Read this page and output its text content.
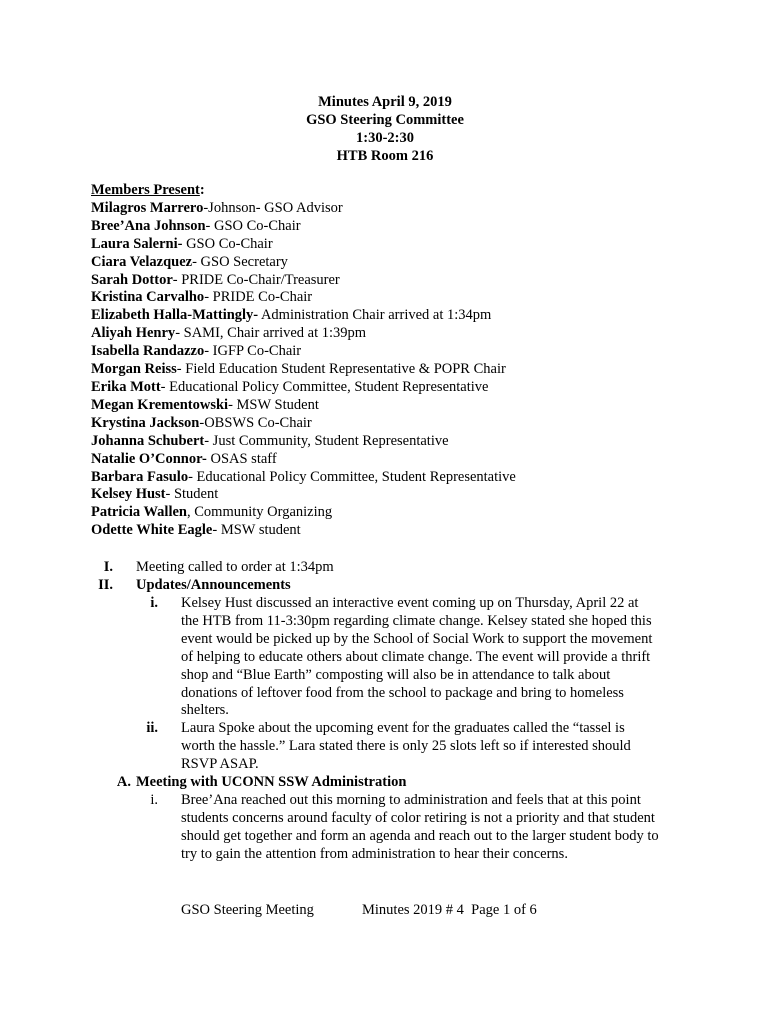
Minutes April 9, 2019
GSO Steering Committee
1:30-2:30
HTB Room 216
Members Present:
Milagros Marrero-Johnson- GSO Advisor
Bree’Ana Johnson- GSO Co-Chair
Laura Salerni- GSO Co-Chair
Ciara Velazquez- GSO Secretary
Sarah Dottor- PRIDE Co-Chair/Treasurer
Kristina Carvalho- PRIDE Co-Chair
Elizabeth Halla-Mattingly- Administration Chair arrived at 1:34pm
Aliyah Henry- SAMI, Chair arrived at 1:39pm
Isabella Randazzo- IGFP Co-Chair
Morgan Reiss- Field Education Student Representative & POPR Chair
Erika Mott- Educational Policy Committee, Student Representative
Megan Krementowski- MSW Student
Krystina Jackson-OBSWS Co-Chair
Johanna Schubert- Just Community, Student Representative
Natalie O’Connor- OSAS staff
Barbara Fasulo- Educational Policy Committee, Student Representative
Kelsey Hust- Student
Patricia Wallen, Community Organizing
Odette White Eagle- MSW student
I. Meeting called to order at 1:34pm
II. Updates/Announcements
i. Kelsey Hust discussed an interactive event coming up on Thursday, April 22 at
the HTB from 11-3:30pm regarding climate change. Kelsey stated she hoped this
event would be picked up by the School of Social Work to support the movement
of helping to educate others about climate change. The event will provide a thrift
shop and “Blue Earth” composting will also be in attendance to talk about
donations of leftover food from the school to package and bring to homeless
shelters.
ii. Laura Spoke about the upcoming event for the graduates called the “tassel is
worth the hassle.” Lara stated there is only 25 slots left so if interested should
RSVP ASAP.
A. Meeting with UCONN SSW Administration
i. Bree’Ana reached out this morning to administration and feels that at this point
students concerns around faculty of color retiring is not a priority and that student
should get together and form an agenda and reach out to the larger student body to
try to gain the attention from administration to hear their concerns.
GSO Steering Meeting	Minutes 2019 # 4  Page 1 of 6
